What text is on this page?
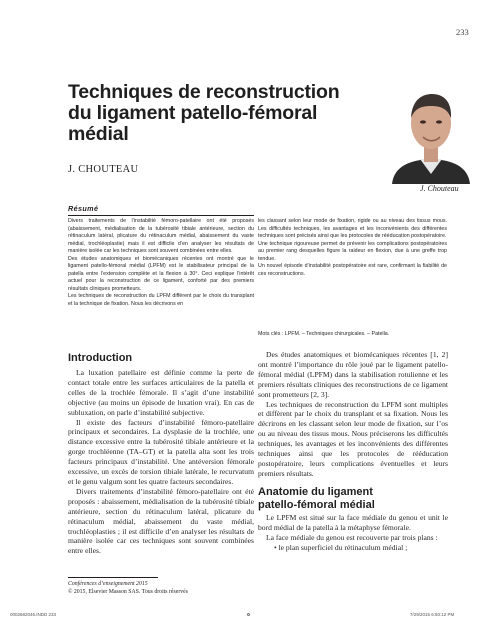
233
Techniques de reconstruction
du ligament patello-fémoral
médial
J. CHOUTEAU
J. Chouteau
Résumé

Divers traitements de l’instabilité fémoro-patellaire ont été proposés (abaissement, médialisation de la tubérosité tibiale antérieure, section du rétinaculum latéral, plicature du rétinaculum médial, abaissement du vaste médial, trochléoplastie) mais il est difficile d’en analyser les résultats de manière isolée car les techniques sont souvent combinées entre elles.

Des études anatomiques et biomécaniques récentes ont montré que le ligament patello-fémoral médial (LPFM) est le stabilisateur principal de la patella entre l’extension complète et la flexion à 30°. Ceci explique l’intérêt actuel pour la reconstruction de ce ligament, conforté par des premiers résultats cliniques prometteurs.

Les techniques de reconstruction du LPFM diffèrent par le choix du transplant et la technique de fixation. Nous les décrivons en

les classant selon leur mode de fixation, rigide ou au niveau des tissus mous. Les difficultés techniques, les avantages et les inconvénients des différentes techniques sont précisés ainsi que les protocoles de rééducation postopératoire.

Une technique rigoureuse permet de prévenir les complications postopératoires au premier rang desquelles figure la raideur en flexion, due à une greffe trop tendue.

Un nouvel épisode d’instabilité postopératoire est rare, confirmant la fiabilité de ces reconstructions.

Mots clés : LPFM. – Techniques chirurgicales. – Patella.
Introduction

La luxation patellaire est définie comme la perte de contact totale entre les surfaces articulaires de la patella et celles de la trochlée fémorale. Il s’agit d’une instabilité objective (au moins un épisode de luxation vrai). En cas de subluxation, on parle d’instabilité subjective.

Il existe des facteurs d’instabilité fémoro-patellaire principaux et secondaires. La dysplasie de la trochlée, une distance excessive entre la tubérosité tibiale antérieure et la gorge trochléenne (TA–GT) et la patella alta sont les trois facteurs principaux d’instabilité. Une antéversion fémorale excessive, un excès de torsion tibiale latérale, le recurvatum et le genu valgum sont les quatre facteurs secondaires.

Divers traitements d’instabilité fémoro-patellaire ont été proposés : abaissement, médialisation de la tubérosité tibiale antérieure, section du rétinaculum latéral, plicature du rétinaculum médial, abaissement du vaste médial, trochléoplasties ; il est difficile d’en analyser les résultats de manière isolée car ces techniques sont souvent combinées entre elles.

Des études anatomiques et biomécaniques récentes [1, 2] ont montré l’importance du rôle joué par le ligament patello-fémoral médial (LPFM) dans la stabilisation rotulienne et les premiers résultats cliniques des reconstructions de ce ligament sont prometteurs [2, 3].

Les techniques de reconstruction du LPFM sont multiples et diffèrent par le choix du transplant et sa fixation. Nous les décrirons en les classant selon leur mode de fixation, sur l’os ou au niveau des tissus mous. Nous préciserons les difficultés techniques, les avantages et les inconvénients des différentes techniques ainsi que les protocoles de rééducation postopératoire, leurs complications éventuelles et leurs premiers résultats.

Anatomie du ligament
patello-fémoral médial

Le LPFM est situé sur la face médiale du genou et unit le bord médial de la patella à la métaphyse fémorale.

La face médiale du genou est recouverte par trois plans :

• le plan superficiel du rétinaculum médial ;

Conférences d’enseignement 2015
© 2015, Elsevier Masson SAS. Tous droits réservés
0002682046.INDD 233	7/29/2015 6:50:12 PM
